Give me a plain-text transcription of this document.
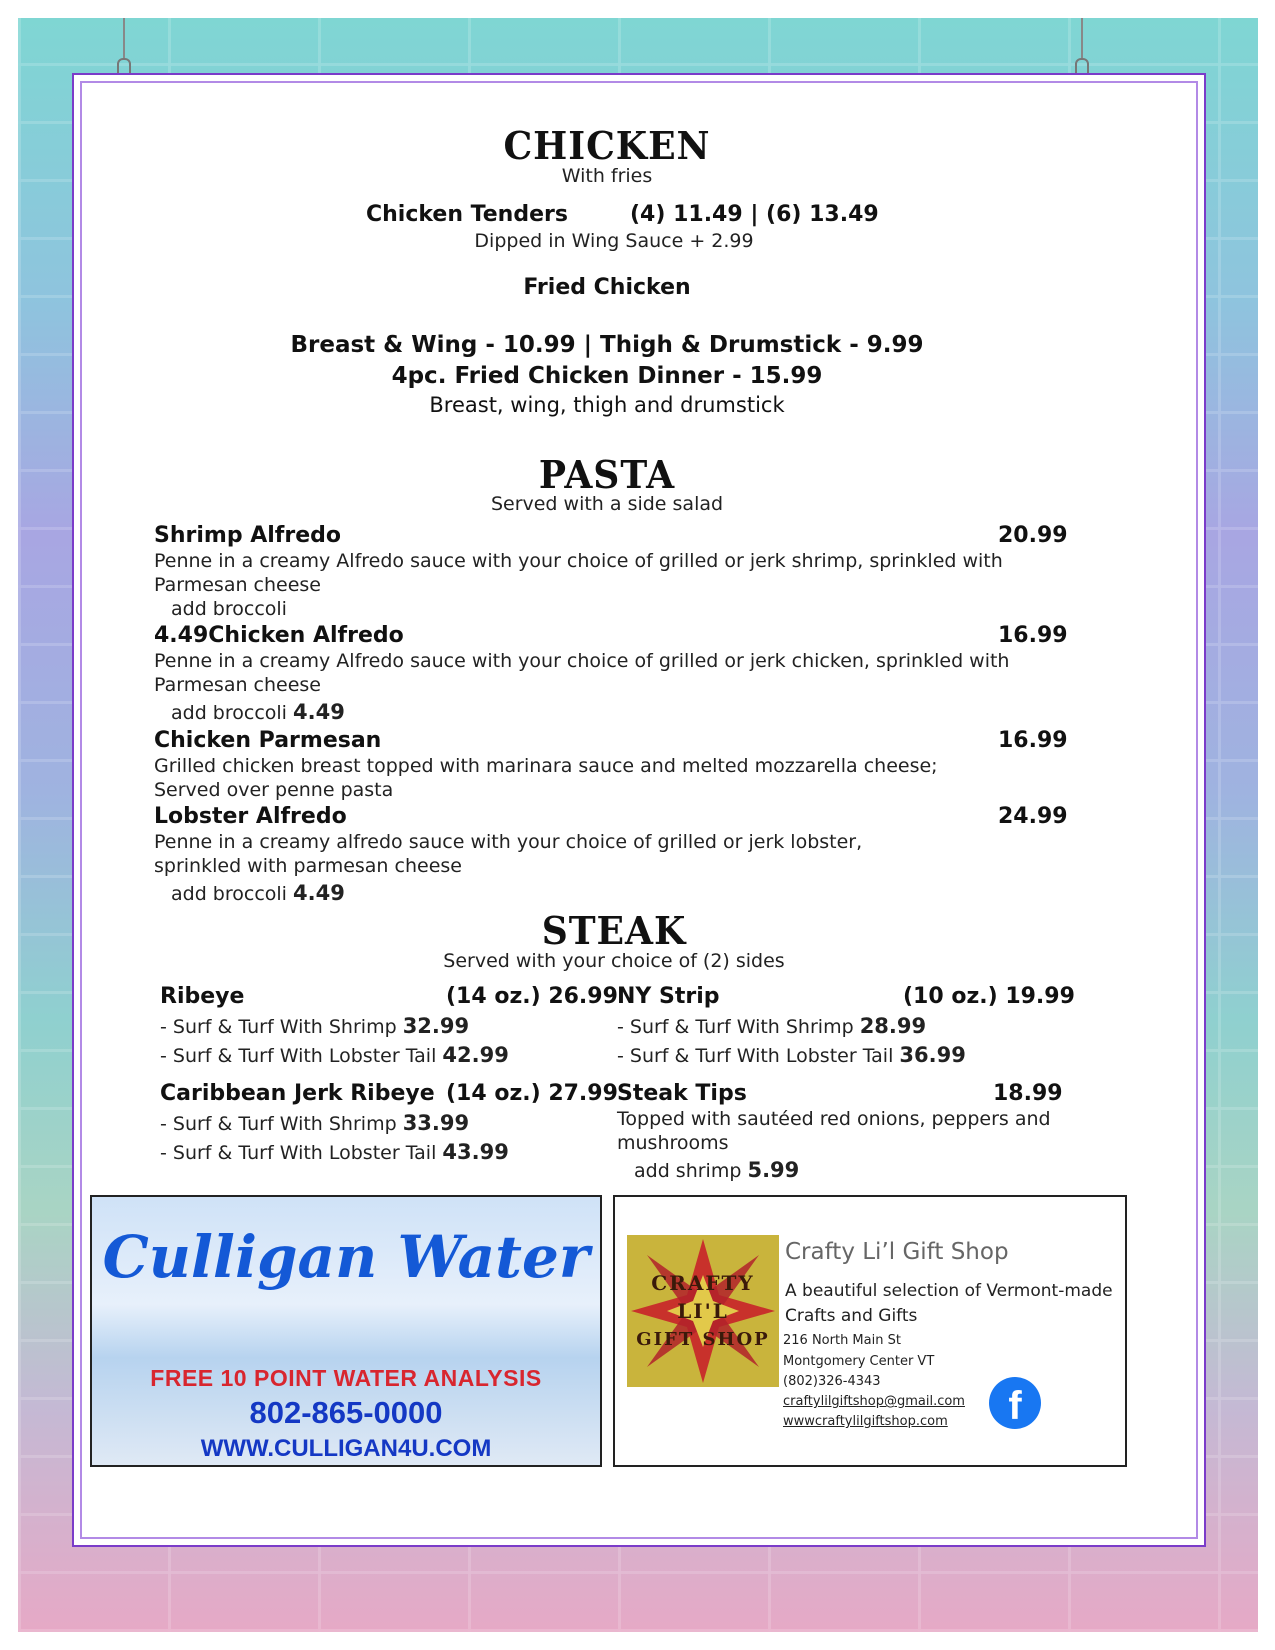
CHICKEN
With fries
Chicken Tenders	(4) 11.49 | (6) 13.49
Dipped in Wing Sauce + 2.99
Fried Chicken
Breast & Wing - 10.99 | Thigh & Drumstick - 9.99
4pc. Fried Chicken Dinner - 15.99
Breast, wing, thigh and drumstick
PASTA
Served with a side salad
Shrimp Alfredo	20.99
Penne in a creamy Alfredo sauce with your choice of grilled or jerk shrimp, sprinkled with
Parmesan cheese
add broccoli
4.49Chicken Alfredo	16.99
Penne in a creamy Alfredo sauce with your choice of grilled or jerk chicken, sprinkled with
Parmesan cheese
add broccoli 4.49
Chicken Parmesan	16.99
Grilled chicken breast topped with marinara sauce and melted mozzarella cheese;
Served over penne pasta
Lobster Alfredo	24.99
Penne in a creamy alfredo sauce with your choice of grilled or jerk lobster,
sprinkled with parmesan cheese
add broccoli 4.49
STEAK
Served with your choice of (2) sides
Ribeye	(14 oz.) 26.99
- Surf & Turf With Shrimp 32.99
- Surf & Turf With Lobster Tail 42.99
Caribbean Jerk Ribeye (14 oz.) 27.99
- Surf & Turf With Shrimp 33.99
- Surf & Turf With Lobster Tail 43.99
NY Strip	(10 oz.) 19.99
- Surf & Turf With Shrimp 28.99
- Surf & Turf With Lobster Tail 36.99
Steak Tips	18.99
Topped with sautéed red onions, peppers and
mushrooms
add shrimp 5.99
Culligan Water
FREE 10 POINT WATER ANALYSIS
802-865-0000
WWW.CULLIGAN4U.COM
CRAFTY
LI'L
GIFT SHOP
Crafty Li’l Gift Shop
A beautiful selection of Vermont-made
Crafts and Gifts
216 North Main St
Montgomery Center VT
(802)326-4343
craftylilgiftshop@gmail.com
wwwcraftylilgiftshop.com	f
